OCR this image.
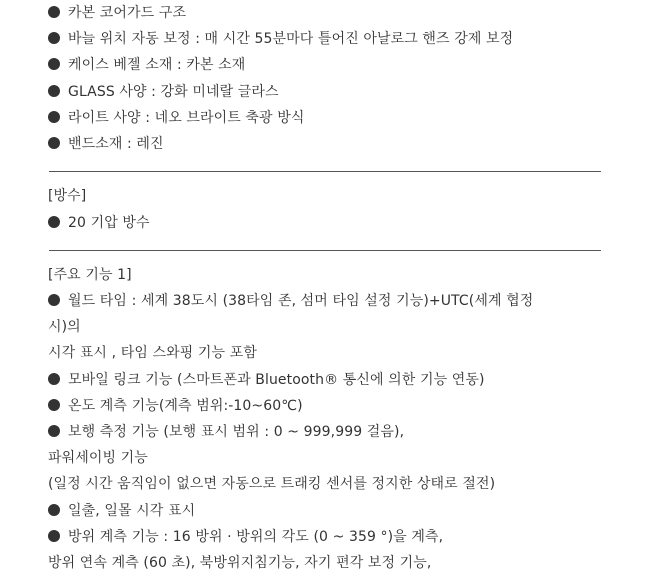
카본 코어가드 구조
바늘 위치 자동 보정 : 매 시간 55분마다 틀어진 아날로그 핸즈 강제 보정
케이스 베젤 소재 : 카본 소재
GLASS 사양 : 강화 미네랄 글라스
라이트 사양 : 네오 브라이트 축광 방식
밴드소재 : 레진
[방수]
20 기압 방수
[주요 기능 1]
월드 타임 : 세계 38도시 (38타임 존, 섬머 타임 설정 기능)+UTC(세계 협정
시)의
시각 표시 , 타임 스와핑 기능 포함
모바일 링크 기능 (스마트폰과 Bluetooth® 통신에 의한 기능 연동)
온도 계측 기능(계측 범위:-10~60℃)
보행 측정 기능 (보행 표시 범위 : 0 ~ 999,999 걸음),
파워세이빙 기능
(일정 시간 움직임이 없으면 자동으로 트래킹 센서를 정지한 상태로 절전)
일출, 일몰 시각 표시
방위 계측 기능 : 16 방위 · 방위의 각도 (0 ~ 359 °)을 계측,
방위 연속 계측 (60 초), 북방위지침기능, 자기 편각 보정 기능,
